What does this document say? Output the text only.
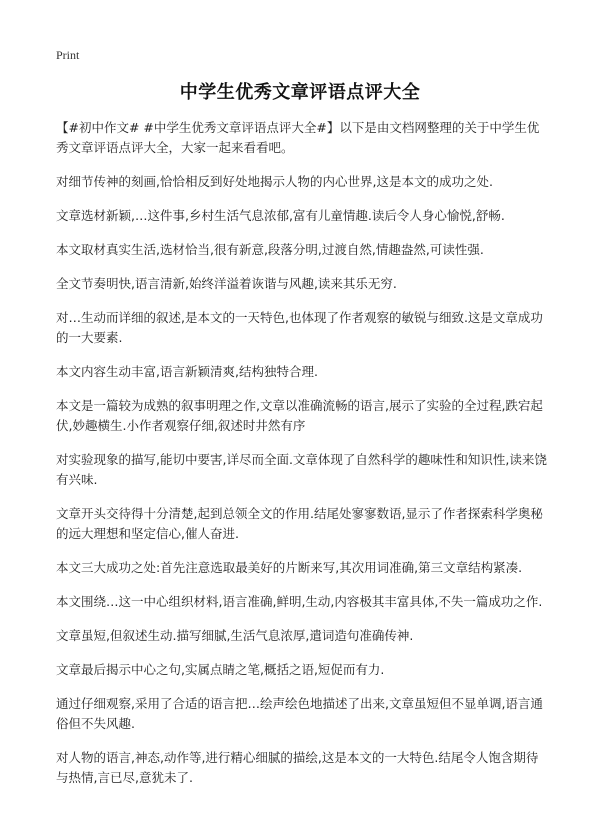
Print
中学生优秀文章评语点评大全

【#初中作文# #中学生优秀文章评语点评大全#】以下是由文档网整理的关于中学生优秀文章评语点评大全，大家一起来看看吧。

对细节传神的刻画,恰恰相反到好处地揭示人物的内心世界,这是本文的成功之处.

文章选材新颖,…这件事,乡村生活气息浓郁,富有儿童情趣.读后令人身心愉悦,舒畅.

本文取材真实生活,选材恰当,很有新意,段落分明,过渡自然,情趣盎然,可读性强.

全文节奏明快,语言清新,始终洋溢着诙谐与风趣,读来其乐无穷.

对…生动而详细的叙述,是本文的一天特色,也体现了作者观察的敏锐与细致.这是文章成功的一大要素.

本文内容生动丰富,语言新颖清爽,结构独特合理.

本文是一篇较为成熟的叙事明理之作,文章以准确流畅的语言,展示了实验的全过程,跌宕起伏,妙趣横生.小作者观察仔细,叙述时井然有序

对实验现象的描写,能切中要害,详尽而全面.文章体现了自然科学的趣味性和知识性,读来饶有兴味.

文章开头交待得十分清楚,起到总领全文的作用.结尾处寥寥数语,显示了作者探索科学奥秘的远大理想和坚定信心,催人奋进.

本文三大成功之处:首先注意选取最美好的片断来写,其次用词准确,第三文章结构紧凑.

本文围绕…这一中心组织材料,语言准确,鲜明,生动,内容极其丰富具体,不失一篇成功之作.

文章虽短,但叙述生动.描写细腻,生活气息浓厚,遣词造句准确传神.

文章最后揭示中心之句,实属点睛之笔,概括之语,短促而有力.

通过仔细观察,采用了合适的语言把…绘声绘色地描述了出来,文章虽短但不显单调,语言通俗但不失风趣.

对人物的语言,神态,动作等,进行精心细腻的描绘,这是本文的一大特色.结尾令人饱含期待与热情,言已尽,意犹未了.
